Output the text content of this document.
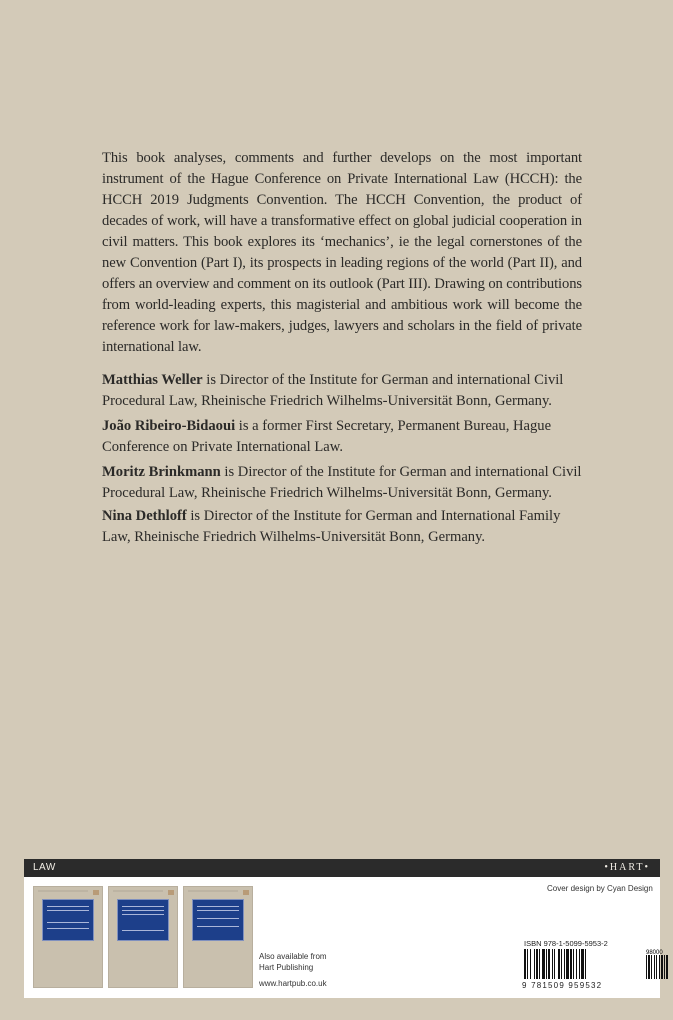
This book analyses, comments and further develops on the most important instrument of the Hague Conference on Private International Law (HCCH): the HCCH 2019 Judgments Convention. The HCCH Convention, the product of decades of work, will have a transformative effect on global judicial cooperation in civil matters. This book explores its ‘mechanics’, ie the legal cornerstones of the new Convention (Part I), its prospects in leading regions of the world (Part II), and offers an overview and comment on its outlook (Part III). Drawing on contributions from world-leading experts, this magisterial and ambitious work will become the reference work for law-makers, judges, lawyers and scholars in the field of private international law.

Matthias Weller is Director of the Institute for German and international Civil Procedural Law, Rheinische Friedrich Wilhelms-Universität Bonn, Germany.

João Ribeiro-Bidaoui is a former First Secretary, Permanent Bureau, Hague Conference on Private International Law.

Moritz Brinkmann is Director of the Institute for German and international Civil Procedural Law, Rheinische Friedrich Wilhelms-Universität Bonn, Germany.

Nina Dethloff is Director of the Institute for German and International Family Law, Rheinische Friedrich Wilhelms-Universität Bonn, Germany.

LAW	•HART•
Also available from
Hart Publishing
www.hartpub.co.uk
Cover design by Cyan Design
ISBN 978-1-5099-5953-2
98000
9 781509 959532
